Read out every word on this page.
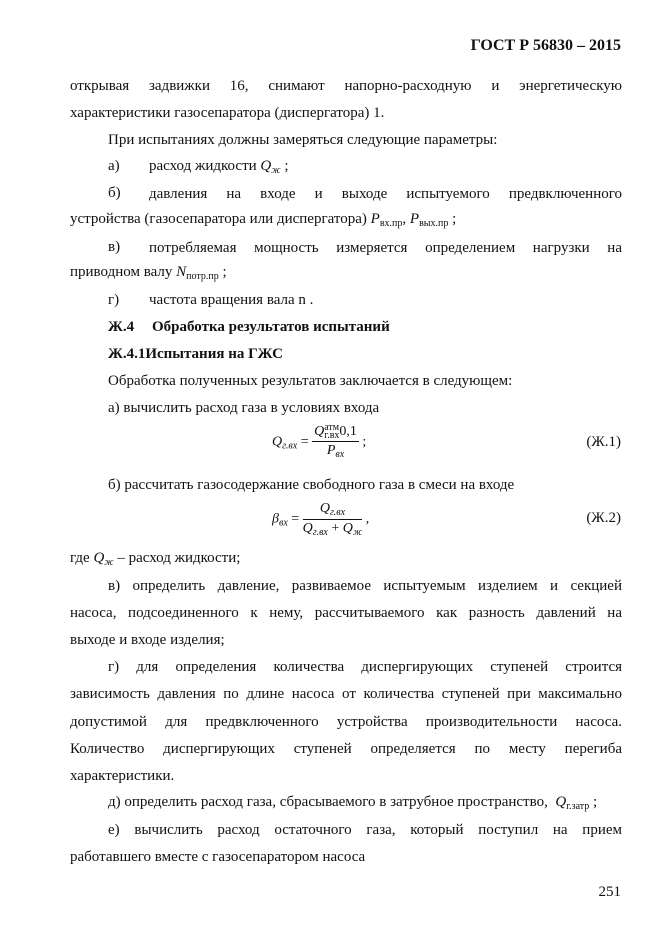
ГОСТ Р 56830 – 2015
открывая задвижки 16, снимают напорно-расходную и энергетическую
характеристики газосепаратора (диспергатора) 1.
При испытаниях должны замеряться следующие параметры:
а) расход жидкости $Q_ж$ ;
б) давления на входе и выходе испытуемого предвключенного
устройства (газосепаратора или диспергатора) $P_{вх.пр}$, $P_{вых.пр}$ ;
в) потребляемая мощность измеряется определением нагрузки на
приводном валу $N_{потр.пр}$ ;
г) частота вращения вала n .
Ж.4 Обработка результатов испытаний
Ж.4.1Испытания на ГЖС
Обработка полученных результатов заключается в следующем:
а) вычислить расход газа в условиях входа
$Q_{г.вх} = Q$ атм
г.вх 0,1
$P_{вх}$ ;	(Ж.1)
б) рассчитать газосодержание свободного газа в смеси на входе
$\beta_{вх} = \frac{Q_{г.вх}}{Q_{г.вх} + Q_ж}$ ,	(Ж.2)
где $Q_ж$ – расход жидкости;
в) определить давление, развиваемое испытуемым изделием и секцией
насоса, подсоединенного к нему, рассчитываемого как разность давлений на
выходе и входе изделия;
г) для определения количества диспергирующих ступеней строится
зависимость давления по длине насоса от количества ступеней при максимально
допустимой для предвключенного устройства производительности насоса.
Количество диспергирующих ступеней определяется по месту перегиба
характеристики.
д) определить расход газа, сбрасываемого в затрубное пространство, $Q_{г.затр}$ ;
е) вычислить расход остаточного газа, который поступил на прием
работавшего вместе с газосепаратором насоса
251
